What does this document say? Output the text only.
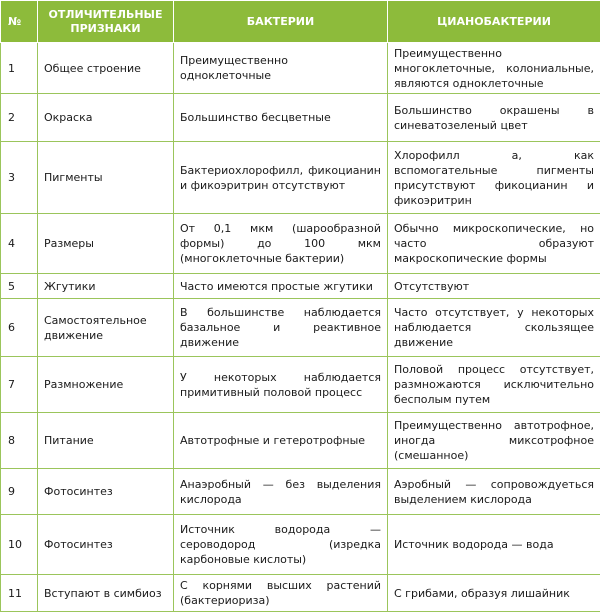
№	ОТЛИЧИТЕЛЬНЫЕ ПРИЗНАКИ	БАКТЕРИИ	ЦИАНОБАКТЕРИИ
1	Общее строение	Преимущественно одноклеточные	Преимущественно многоклеточные, колониальные, являются одноклеточные
2	Окраска	Большинство бесцветные	Большинство окрашены в синеватозеленый цвет
3	Пигменты	Бактериохлорофилл, фикоцианин и фикоэритрин отсутствуют	Хлорофилл а, как вспомогательные пигменты присутствуют фикоцианин и фикоэритрин
4	Размеры	От 0,1 мкм (шарообразной формы) до 100 мкм (многоклеточные бактерии)	Обычно микроскопические, но часто образуют макроскопические формы
5	Жгутики	Часто имеются простые жгутики	Отсутствуют
6	Самостоятельное движение	В большинстве наблюдается базальное и реактивное движение	Часто отсутствует, у некоторых наблюдается скользящее движение
7	Размножение	У некоторых наблюдается примитивный половой процесс	Половой процесс отсутствует, размножаются исключительно бесполым путем
8	Питание	Автотрофные и гетеротрофные	Преимущественно автотрофное, иногда миксотрофное (смешанное)
9	Фотосинтез	Анаэробный — без выделения кислорода	Аэробный — сопровождуеться выделением кислорода
10	Фотосинтез	Источник водорода — сероводород (изредка карбоновые кислоты)	Источник водорода — вода
11	Вступают в симбиоз	С корнями высших растений (бактериориза)	С грибами, образуя лишайник
